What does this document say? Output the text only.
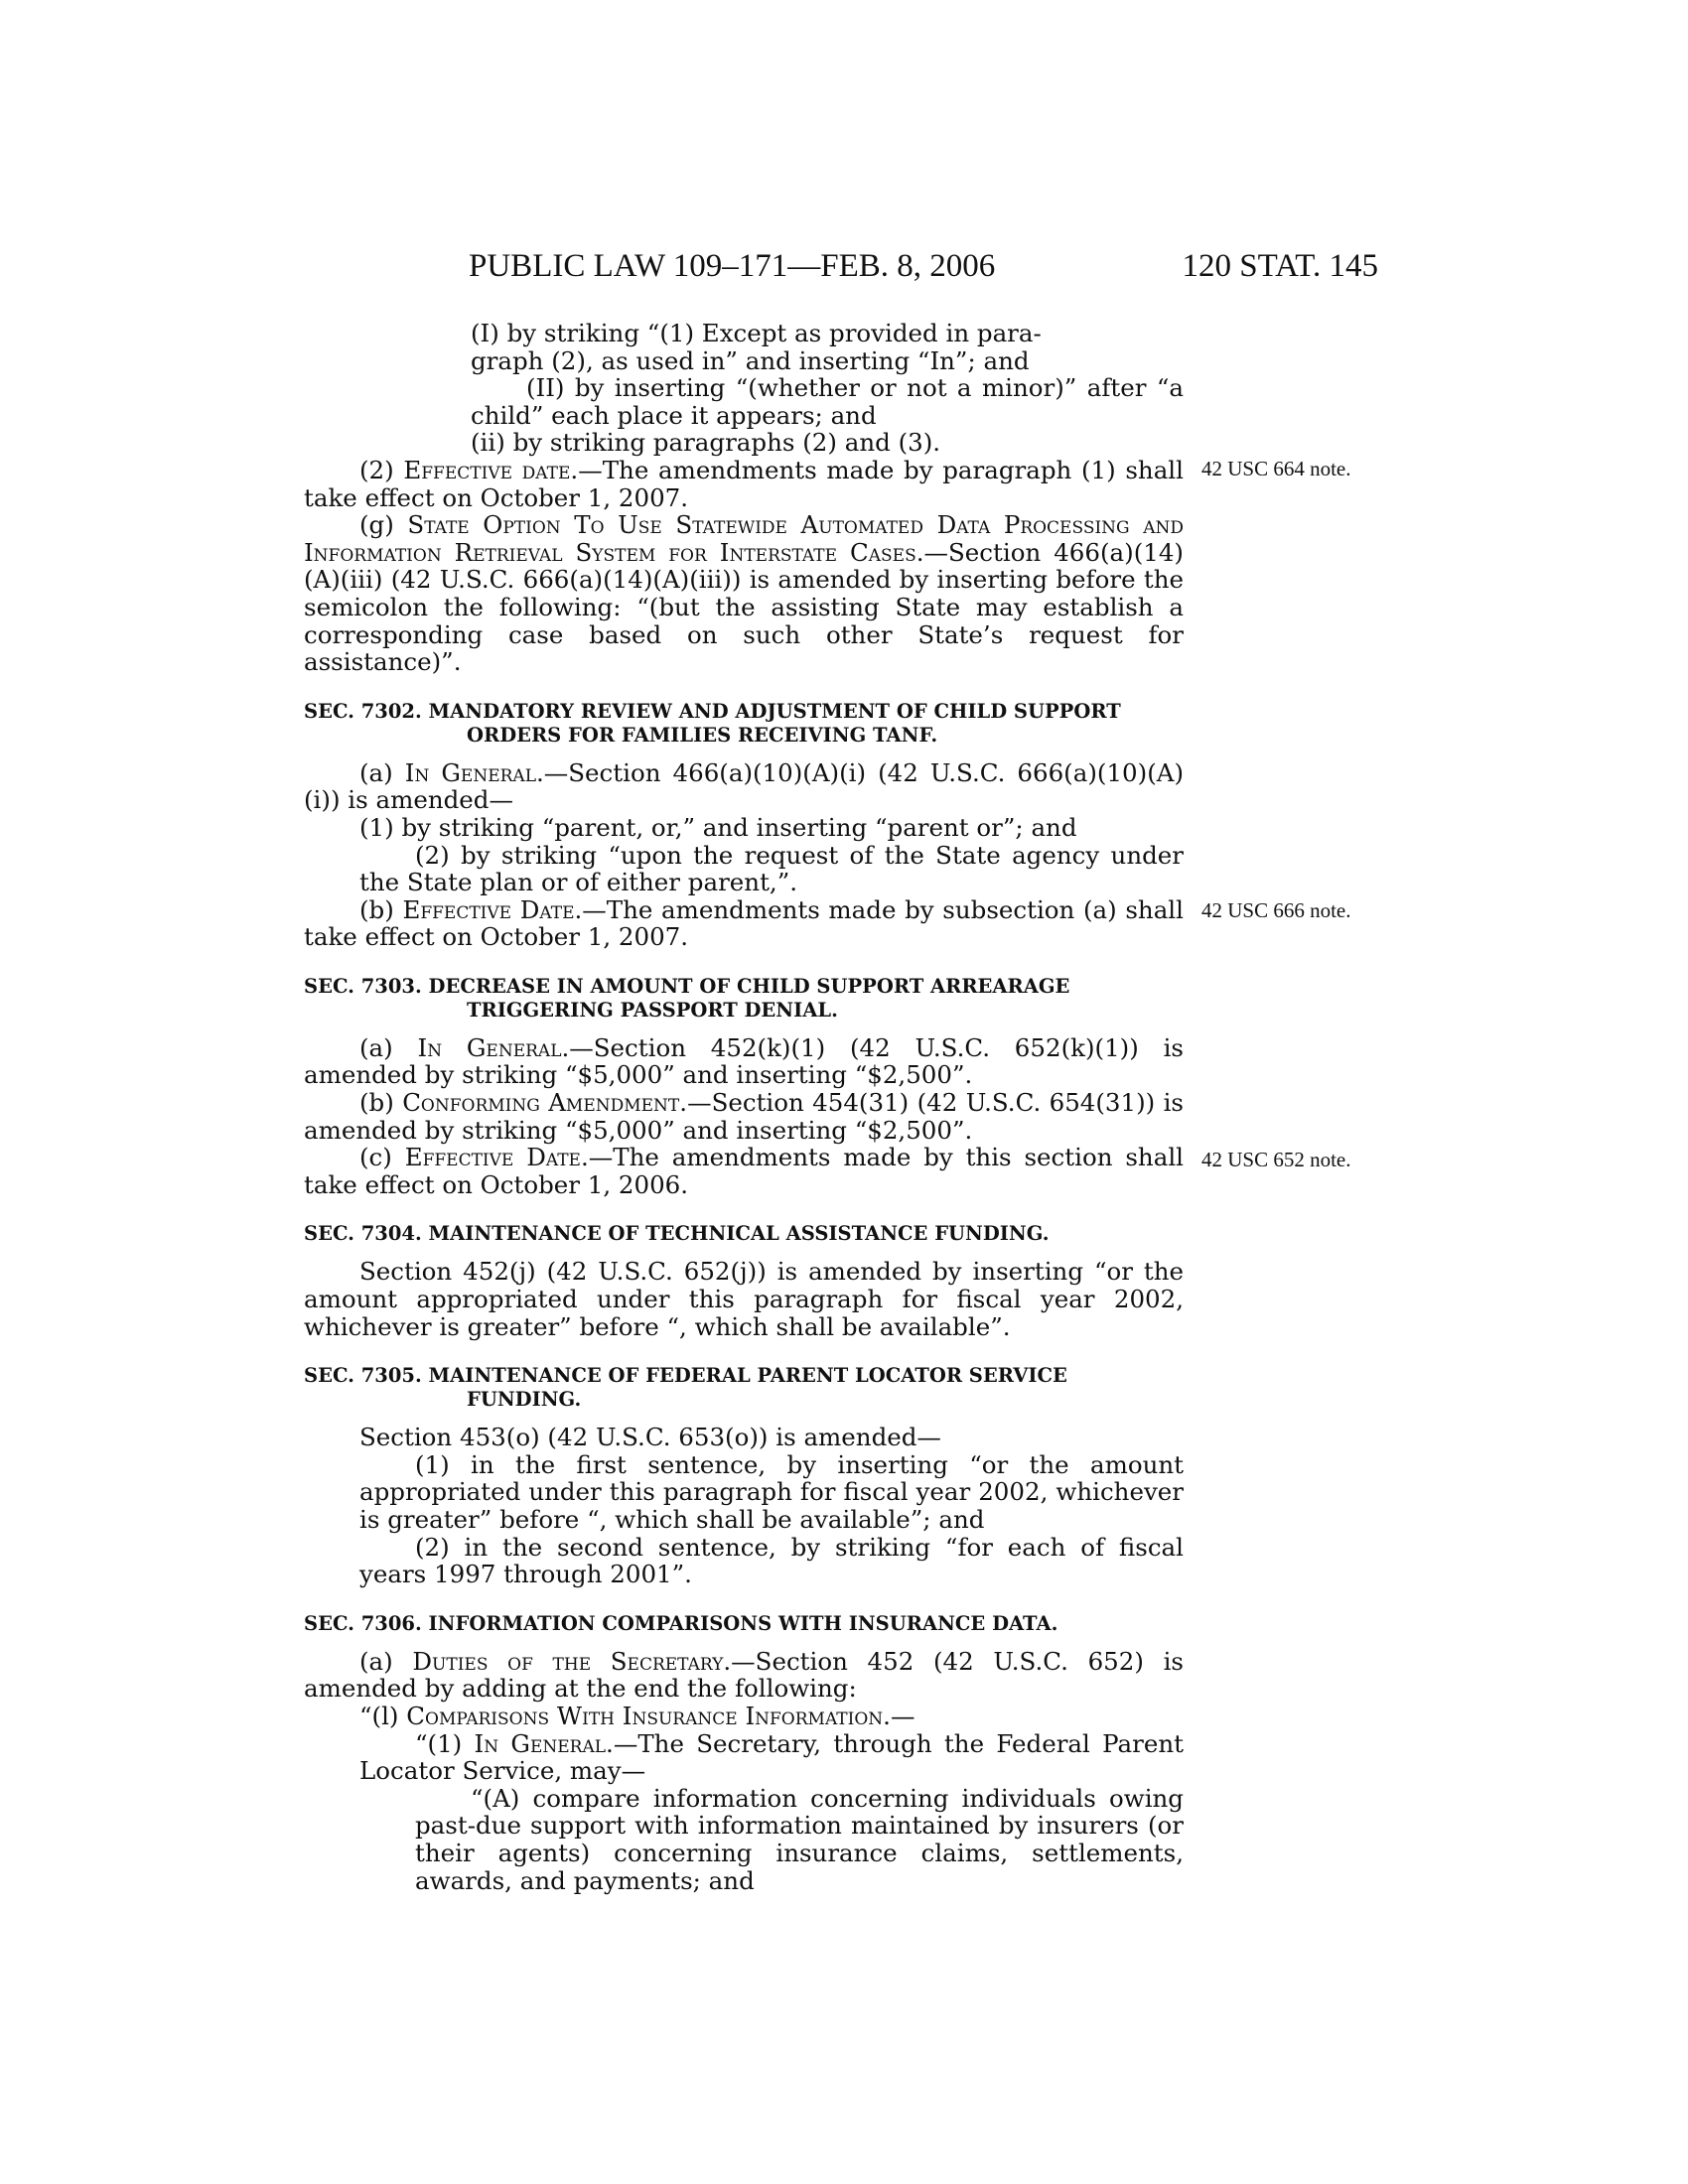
PUBLIC LAW 109–171—FEB. 8, 2006	120 STAT. 145
42 USC 664 note.
42 USC 666 note.
42 USC 652 note.

(I) by striking “(1) Except as provided in para-

graph (2), as used in” and inserting “In”; and

(II) by inserting “(whether or not a minor)” after “a child” each place it appears; and

(ii) by striking paragraphs (2) and (3).

(2) Effective date.—The amendments made by paragraph (1) shall take effect on October 1, 2007.

(g) State Option To Use Statewide Automated Data Processing and Information Retrieval System for Interstate Cases.—Section 466(a)(14)(A)(iii) (42 U.S.C. 666(a)(14)(A)(iii)) is amended by inserting before the semicolon the following: “(but the assisting State may establish a corresponding case based on such other State’s request for assistance)”.

SEC. 7302. MANDATORY REVIEW AND ADJUSTMENT OF CHILD SUPPORT ORDERS FOR FAMILIES RECEIVING TANF.

(a) In General.—Section 466(a)(10)(A)(i) (42 U.S.C. 666(a)(10)(A)(i)) is amended—

(1) by striking “parent, or,” and inserting “parent or”; and

(2) by striking “upon the request of the State agency under the State plan or of either parent,”.

(b) Effective Date.—The amendments made by subsection (a) shall take effect on October 1, 2007.

SEC. 7303. DECREASE IN AMOUNT OF CHILD SUPPORT ARREARAGE TRIGGERING PASSPORT DENIAL.

(a) In General.—Section 452(k)(1) (42 U.S.C. 652(k)(1)) is amended by striking “$5,000” and inserting “$2,500”.

(b) Conforming Amendment.—Section 454(31) (42 U.S.C. 654(31)) is amended by striking “$5,000” and inserting “$2,500”.

(c) Effective Date.—The amendments made by this section shall take effect on October 1, 2006.

SEC. 7304. MAINTENANCE OF TECHNICAL ASSISTANCE FUNDING.

Section 452(j) (42 U.S.C. 652(j)) is amended by inserting “or the amount appropriated under this paragraph for fiscal year 2002, whichever is greater” before “, which shall be available”.

SEC. 7305. MAINTENANCE OF FEDERAL PARENT LOCATOR SERVICE FUNDING.

Section 453(o) (42 U.S.C. 653(o)) is amended—

(1) in the first sentence, by inserting “or the amount appropriated under this paragraph for fiscal year 2002, whichever is greater” before “, which shall be available”; and

(2) in the second sentence, by striking “for each of fiscal years 1997 through 2001”.

SEC. 7306. INFORMATION COMPARISONS WITH INSURANCE DATA.

(a) Duties of the Secretary.—Section 452 (42 U.S.C. 652) is amended by adding at the end the following:

“(l) Comparisons With Insurance Information.—

“(1) In General.—The Secretary, through the Federal Parent Locator Service, may—

“(A) compare information concerning individuals owing past-due support with information maintained by insurers (or their agents) concerning insurance claims, settlements, awards, and payments; and
